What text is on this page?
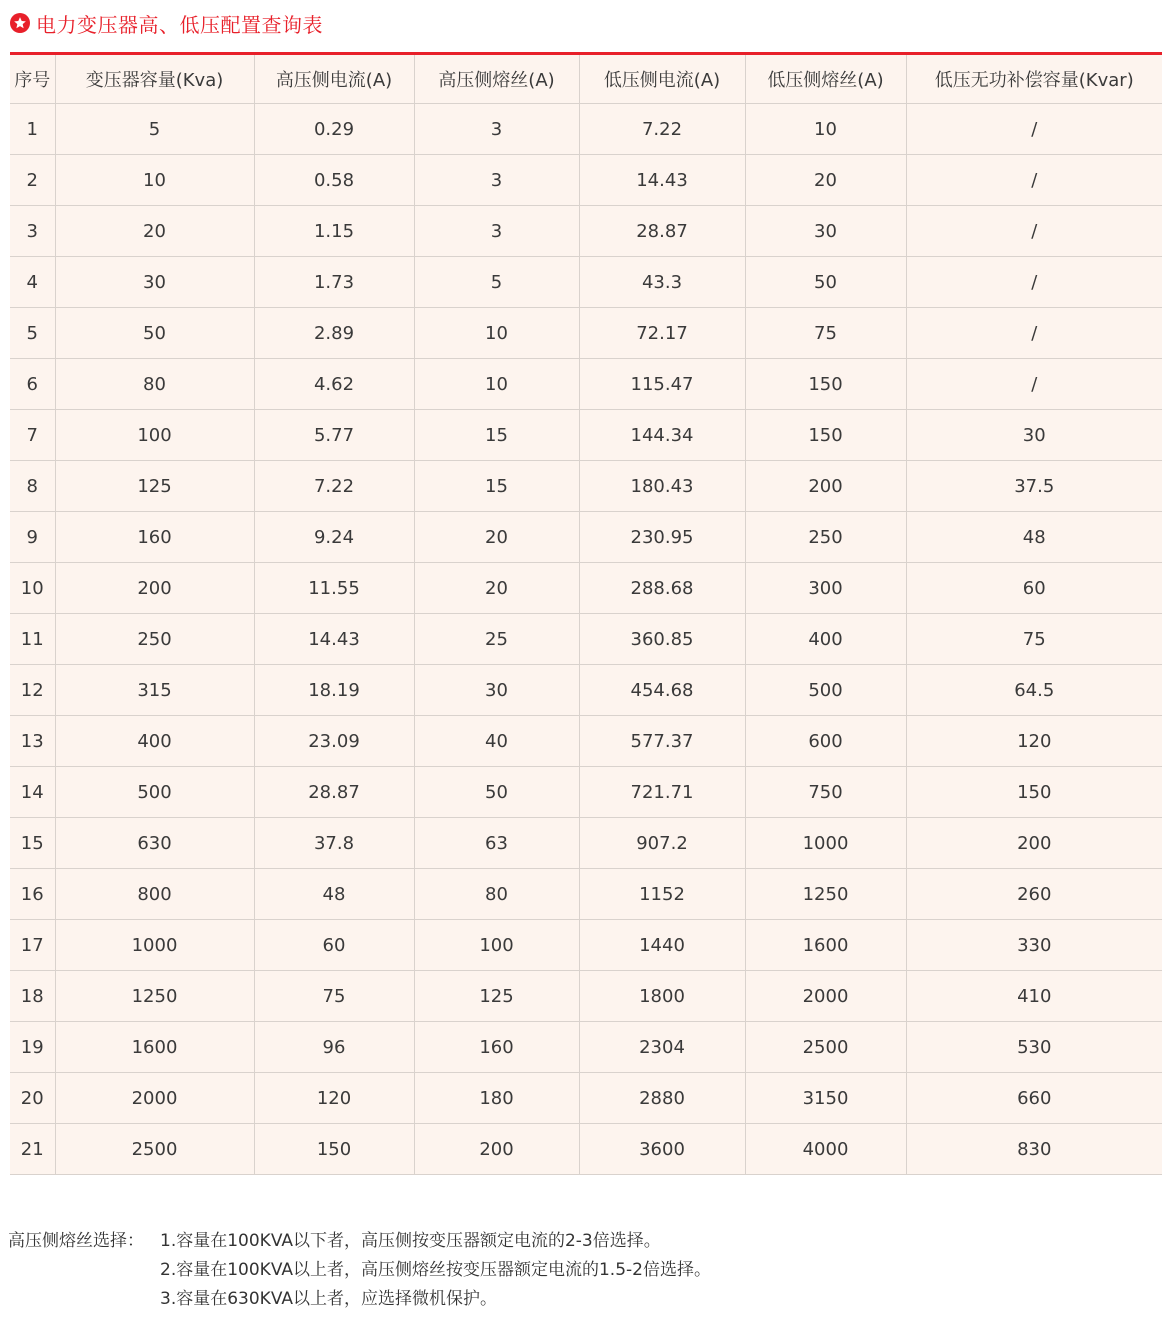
电力变压器高、低压配置查询表
序号	变压器容量(Kva)	高压侧电流(A)	高压侧熔丝(A)	低压侧电流(A)	低压侧熔丝(A)	低压无功补偿容量(Kvar)
1	5	0.29	3	7.22	10	/
2	10	0.58	3	14.43	20	/
3	20	1.15	3	28.87	30	/
4	30	1.73	5	43.3	50	/
5	50	2.89	10	72.17	75	/
6	80	4.62	10	115.47	150	/
7	100	5.77	15	144.34	150	30
8	125	7.22	15	180.43	200	37.5
9	160	9.24	20	230.95	250	48
10	200	11.55	20	288.68	300	60
11	250	14.43	25	360.85	400	75
12	315	18.19	30	454.68	500	64.5
13	400	23.09	40	577.37	600	120
14	500	28.87	50	721.71	750	150
15	630	37.8	63	907.2	1000	200
16	800	48	80	1152	1250	260
17	1000	60	100	1440	1600	330
18	1250	75	125	1800	2000	410
19	1600	96	160	2304	2500	530
20	2000	120	180	2880	3150	660
21	2500	150	200	3600	4000	830
高压侧熔丝选择： 1.容量在100KVA以下者，高压侧按变压器额定电流的2-3倍选择。
2.容量在100KVA以上者，高压侧熔丝按变压器额定电流的1.5-2倍选择。
3.容量在630KVA以上者，应选择微机保护。
